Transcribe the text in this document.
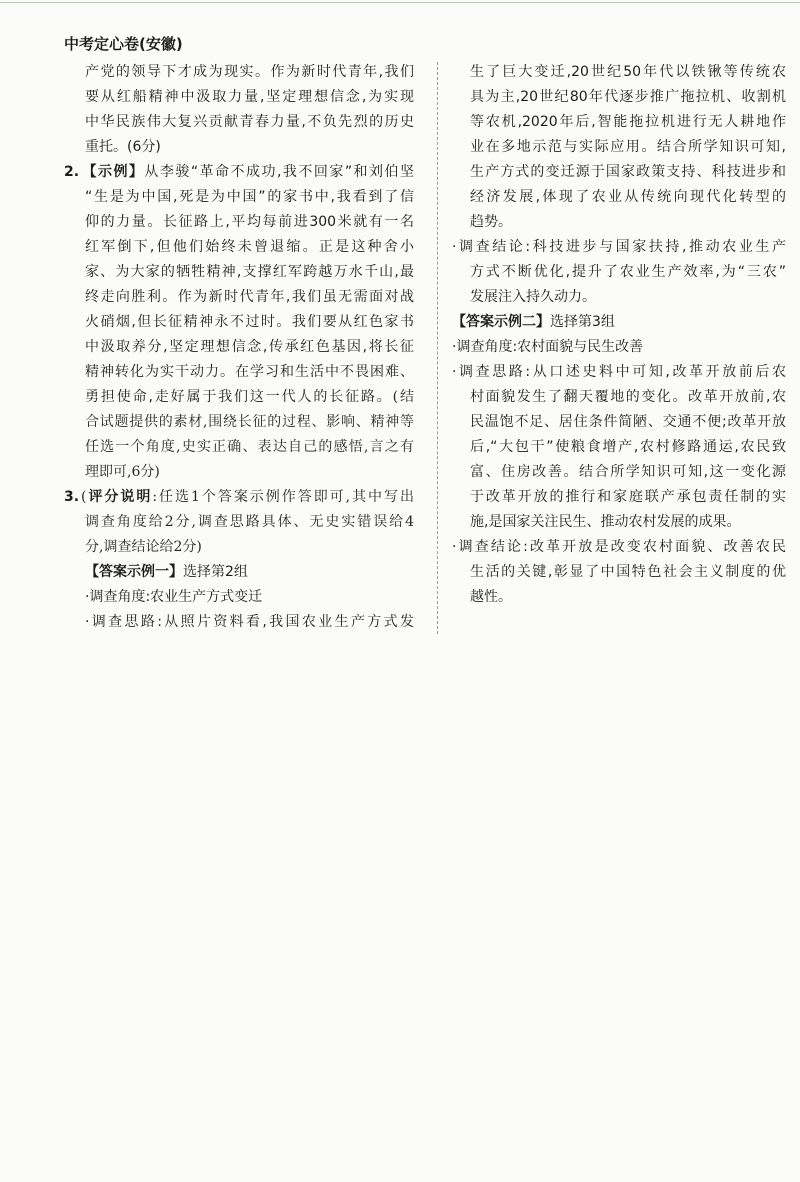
中考定心卷(安徽)
产党的领导下才成为现实。作为新时代青年,我们
要从红船精神中汲取力量,坚定理想信念,为实现
中华民族伟大复兴贡献青春力量,不负先烈的历史
重托。(6分)
2. 【示例】从李骏“革命不成功,我不回家”和刘伯坚
“生是为中国,死是为中国”的家书中,我看到了信
仰的力量。长征路上,平均每前进300米就有一名
红军倒下,但他们始终未曾退缩。正是这种舍小
家、为大家的牺牲精神,支撑红军跨越万水千山,最
终走向胜利。作为新时代青年,我们虽无需面对战
火硝烟,但长征精神永不过时。我们要从红色家书
中汲取养分,坚定理想信念,传承红色基因,将长征
精神转化为实干动力。在学习和生活中不畏困难、
勇担使命,走好属于我们这一代人的长征路。(结
合试题提供的素材,围绕长征的过程、影响、精神等
任选一个角度,史实正确、表达自己的感悟,言之有
理即可,6分)
3. (评分说明:任选1个答案示例作答即可,其中写出
调查角度给2分,调查思路具体、无史实错误给4
分,调查结论给2分)
【答案示例一】选择第2组
·调查角度:农业生产方式变迁
·调查思路:从照片资料看,我国农业生产方式发
生了巨大变迁,20世纪50年代以铁锹等传统农
具为主,20世纪80年代逐步推广拖拉机、收割机
等农机,2020年后,智能拖拉机进行无人耕地作
业在多地示范与实际应用。结合所学知识可知,
生产方式的变迁源于国家政策支持、科技进步和
经济发展,体现了农业从传统向现代化转型的
趋势。
·调查结论:科技进步与国家扶持,推动农业生产
方式不断优化,提升了农业生产效率,为“三农”
发展注入持久动力。
【答案示例二】选择第3组
·调查角度:农村面貌与民生改善
·调查思路:从口述史料中可知,改革开放前后农
村面貌发生了翻天覆地的变化。改革开放前,农
民温饱不足、居住条件简陋、交通不便;改革开放
后,“大包干”使粮食增产,农村修路通运,农民致
富、住房改善。结合所学知识可知,这一变化源
于改革开放的推行和家庭联产承包责任制的实
施,是国家关注民生、推动农村发展的成果。
·调查结论:改革开放是改变农村面貌、改善农民
生活的关键,彰显了中国特色社会主义制度的优
越性。
